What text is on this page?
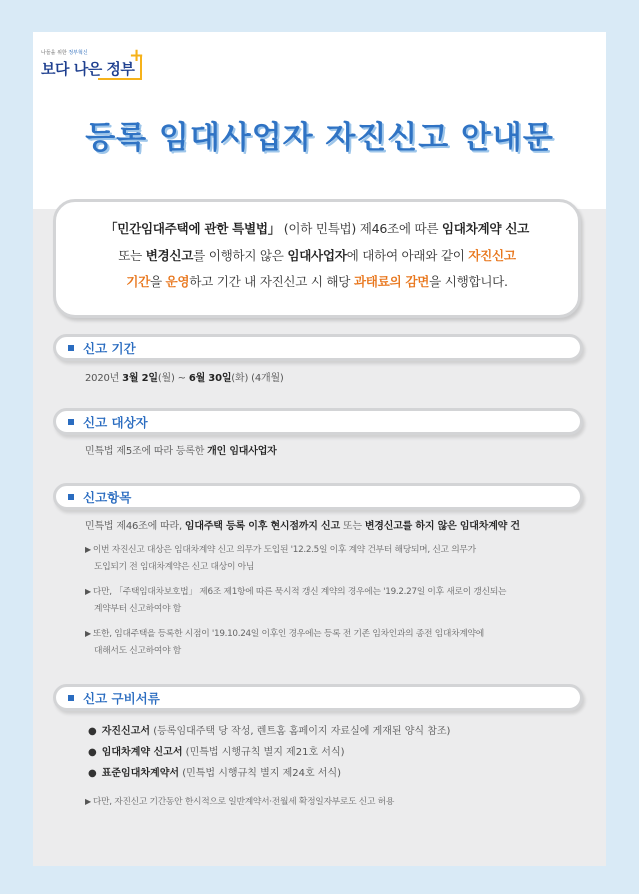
나들을 위한 정부혁신 +
보다 나은 정부
등록 임대사업자 자진신고 안내문
「민간임대주택에 관한 특별법」 (이하 민특법) 제46조에 따른 임대차계약 신고
또는 변경신고를 이행하지 않은 임대사업자에 대하여 아래와 같이 자진신고
기간을 운영하고 기간 내 자진신고 시 해당 과태료의 감면을 시행합니다.
신고 기간
2020년 3월 2일(월) ~ 6월 30일(화) (4개월)
신고 대상자
민특법 제5조에 따라 등록한 개인 임대사업자
신고항목
민특법 제46조에 따라, 임대주택 등록 이후 현시점까지 신고 또는 변경신고를 하지 않은 임대차계약 건
▶ 이번 자진신고 대상은 임대차계약 신고 의무가 도입된 '12.2.5일 이후 계약 건부터 해당되며, 신고 의무가
도입되기 전 임대차계약은 신고 대상이 아님
▶ 다만, 「주택임대차보호법」 제6조 제1항에 따른 묵시적 갱신 계약의 경우에는 '19.2.27일 이후 새로이 갱신되는
계약부터 신고하여야 함
▶ 또한, 임대주택을 등록한 시점이 '19.10.24일 이후인 경우에는 등록 전 기존 임차인과의 종전 임대차계약에
대해서도 신고하여야 함
신고 구비서류
● 자진신고서 (등록임대주택 당 작성, 렌트홈 홈페이지 자료실에 게재된 양식 참조)
● 임대차계약 신고서 (민특법 시행규칙 별지 제21호 서식)
● 표준임대차계약서 (민특법 시행규칙 별지 제24호 서식)
▶ 다만, 자진신고 기간동안 한시적으로 일반계약서·전월세 확정일자부로도 신고 허용
